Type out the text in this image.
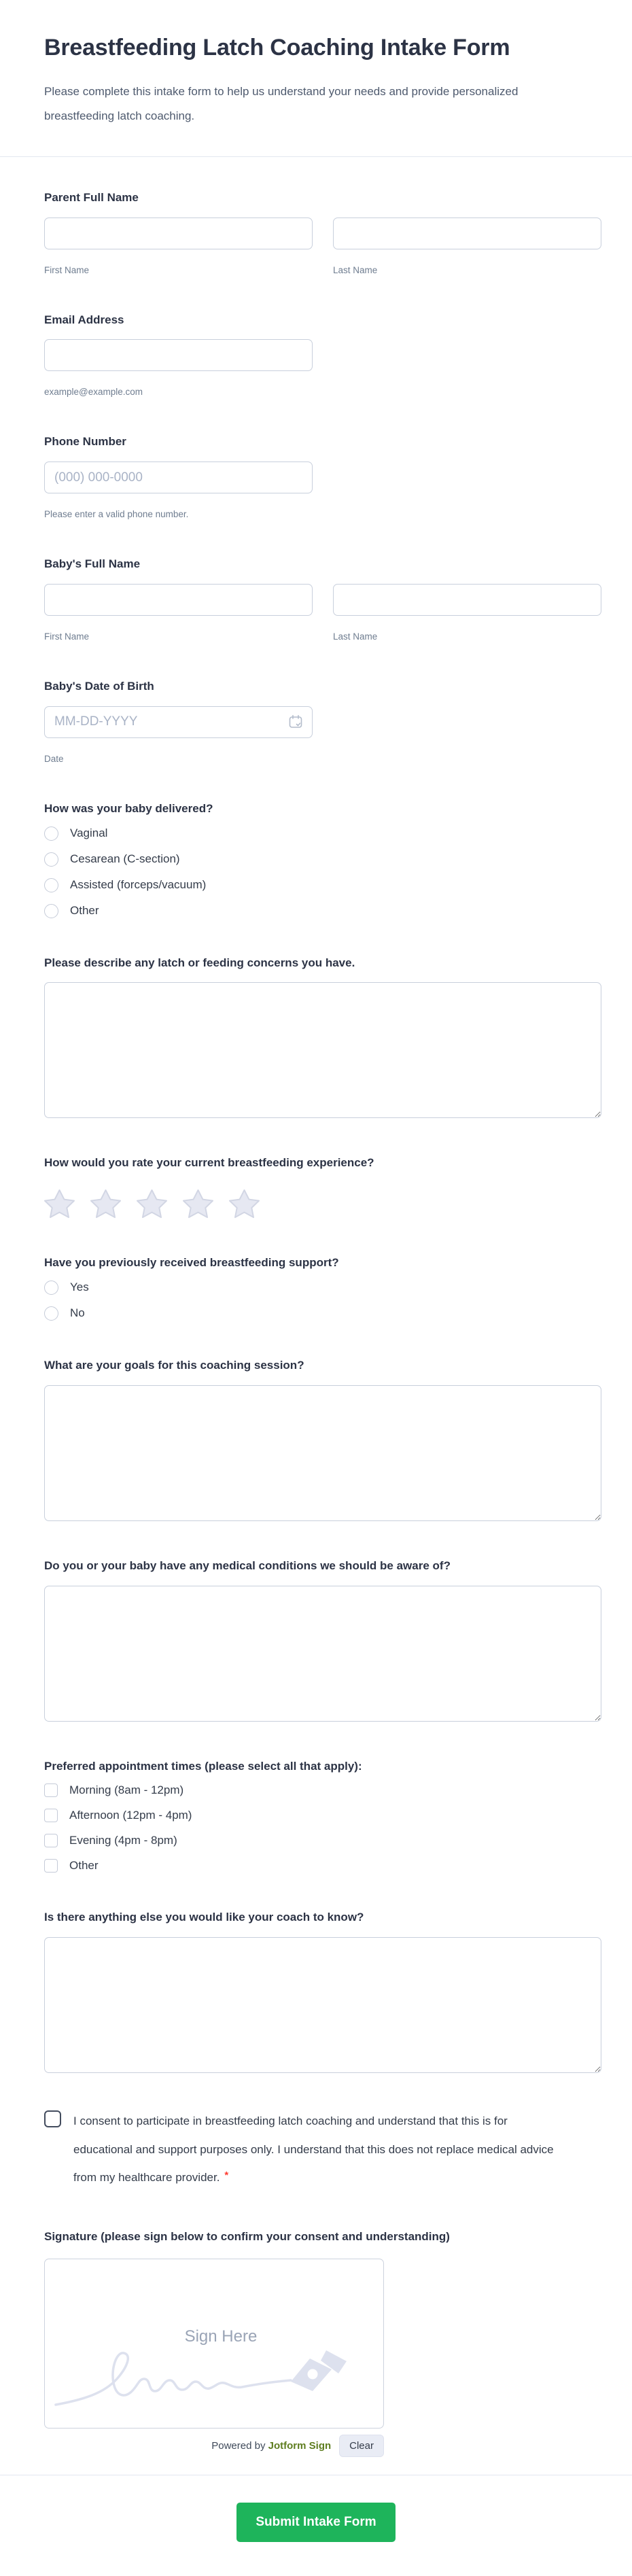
Breastfeeding Latch Coaching Intake Form

Please complete this intake form to help us understand your needs and provide personalized breastfeeding latch coaching.

Parent Full Name
First Name	Last Name
Email Address
example@example.com
Phone Number
(000) 000-0000
Please enter a valid phone number.
Baby's Full Name
First Name	Last Name
Baby's Date of Birth
MM-DD-YYYY
Date
How was your baby delivered?
Vaginal
Cesarean (C-section)
Assisted (forceps/vacuum)
Other
Please describe any latch or feeding concerns you have.
How would you rate your current breastfeeding experience?
Have you previously received breastfeeding support?
Yes
No
What are your goals for this coaching session?
Do you or your baby have any medical conditions we should be aware of?
Preferred appointment times (please select all that apply):
Morning (8am - 12pm)
Afternoon (12pm - 4pm)
Evening (4pm - 8pm)
Other
Is there anything else you would like your coach to know?
I consent to participate in breastfeeding latch coaching and understand that this is for educational and support purposes only. I understand that this does not replace medical advice from my healthcare provider. *
Signature (please sign below to confirm your consent and understanding)
Sign Here
Powered by Jotform Sign	Clear
Submit Intake Form
